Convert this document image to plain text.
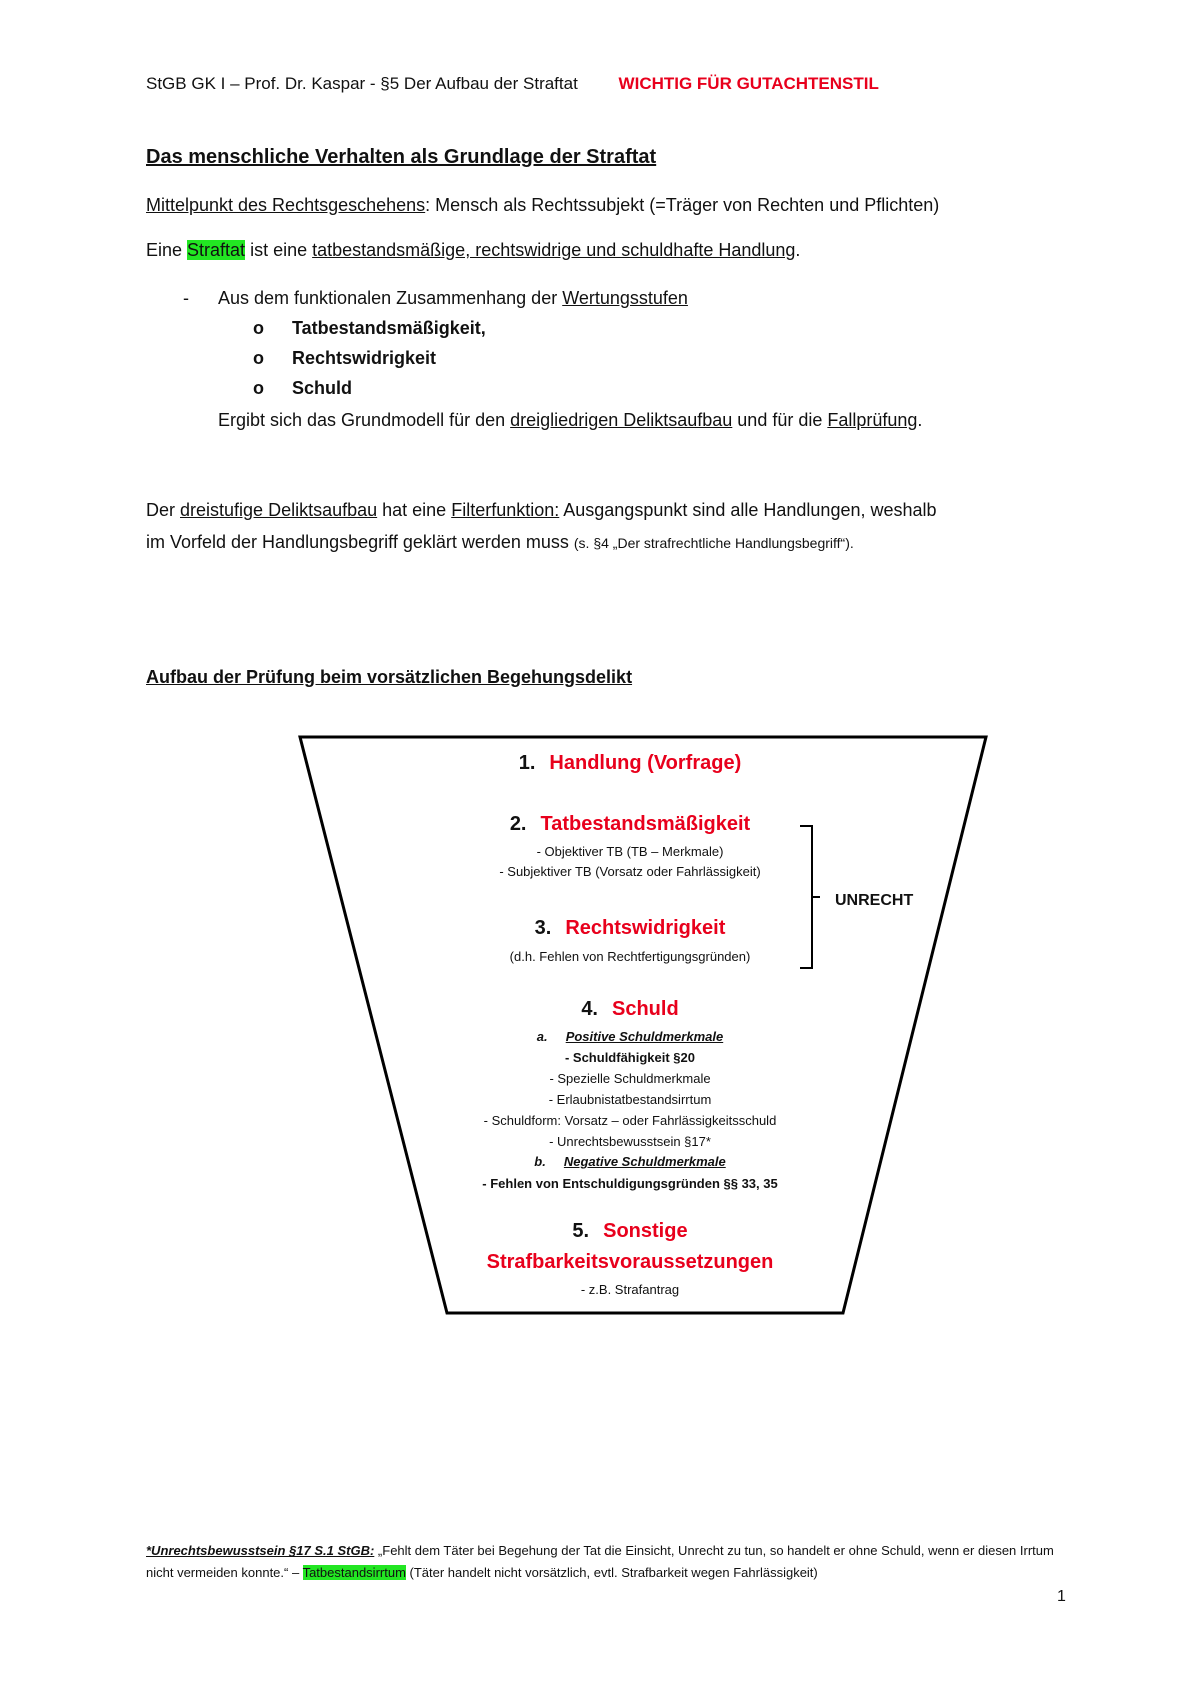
StGB GK I – Prof. Dr. Kaspar - §5 Der Aufbau der Straftat WICHTIG FÜR GUTACHTENSTIL
Das menschliche Verhalten als Grundlage der Straftat
Mittelpunkt des Rechtsgeschehens: Mensch als Rechtssubjekt (=Träger von Rechten und Pflichten)
Eine Straftat ist eine tatbestandsmäßige, rechtswidrige und schuldhafte Handlung.
- Aus dem funktionalen Zusammenhang der Wertungsstufen
o Tatbestandsmäßigkeit,
o Rechtswidrigkeit
o Schuld
Ergibt sich das Grundmodell für den dreigliedrigen Deliktsaufbau und für die Fallprüfung.
Der dreistufige Deliktsaufbau hat eine Filterfunktion: Ausgangspunkt sind alle Handlungen, weshalb
im Vorfeld der Handlungsbegriff geklärt werden muss (s. §4 „Der strafrechtliche Handlungsbegriff“).
Aufbau der Prüfung beim vorsätzlichen Begehungsdelikt
1. Handlung (Vorfrage)
2. Tatbestandsmäßigkeit
- Objektiver TB (TB – Merkmale)
- Subjektiver TB (Vorsatz oder Fahrlässigkeit)
3. Rechtswidrigkeit
(d.h. Fehlen von Rechtfertigungsgründen)
UNRECHT
4. Schuld
a. Positive Schuldmerkmale
- Schuldfähigkeit §20
- Spezielle Schuldmerkmale
- Erlaubnistatbestandsirrtum
- Schuldform: Vorsatz – oder Fahrlässigkeitsschuld
- Unrechtsbewusstsein §17*
b. Negative Schuldmerkmale
- Fehlen von Entschuldigungsgründen §§ 33, 35
5. Sonstige
Strafbarkeitsvoraussetzungen
- z.B. Strafantrag
*Unrechtsbewusstsein §17 S.1 StGB: „Fehlt dem Täter bei Begehung der Tat die Einsicht, Unrecht zu tun, so handelt er ohne Schuld, wenn er diesen Irrtum nicht vermeiden konnte.“ – Tatbestandsirrtum (Täter handelt nicht vorsätzlich, evtl. Strafbarkeit wegen Fahrlässigkeit)
1
